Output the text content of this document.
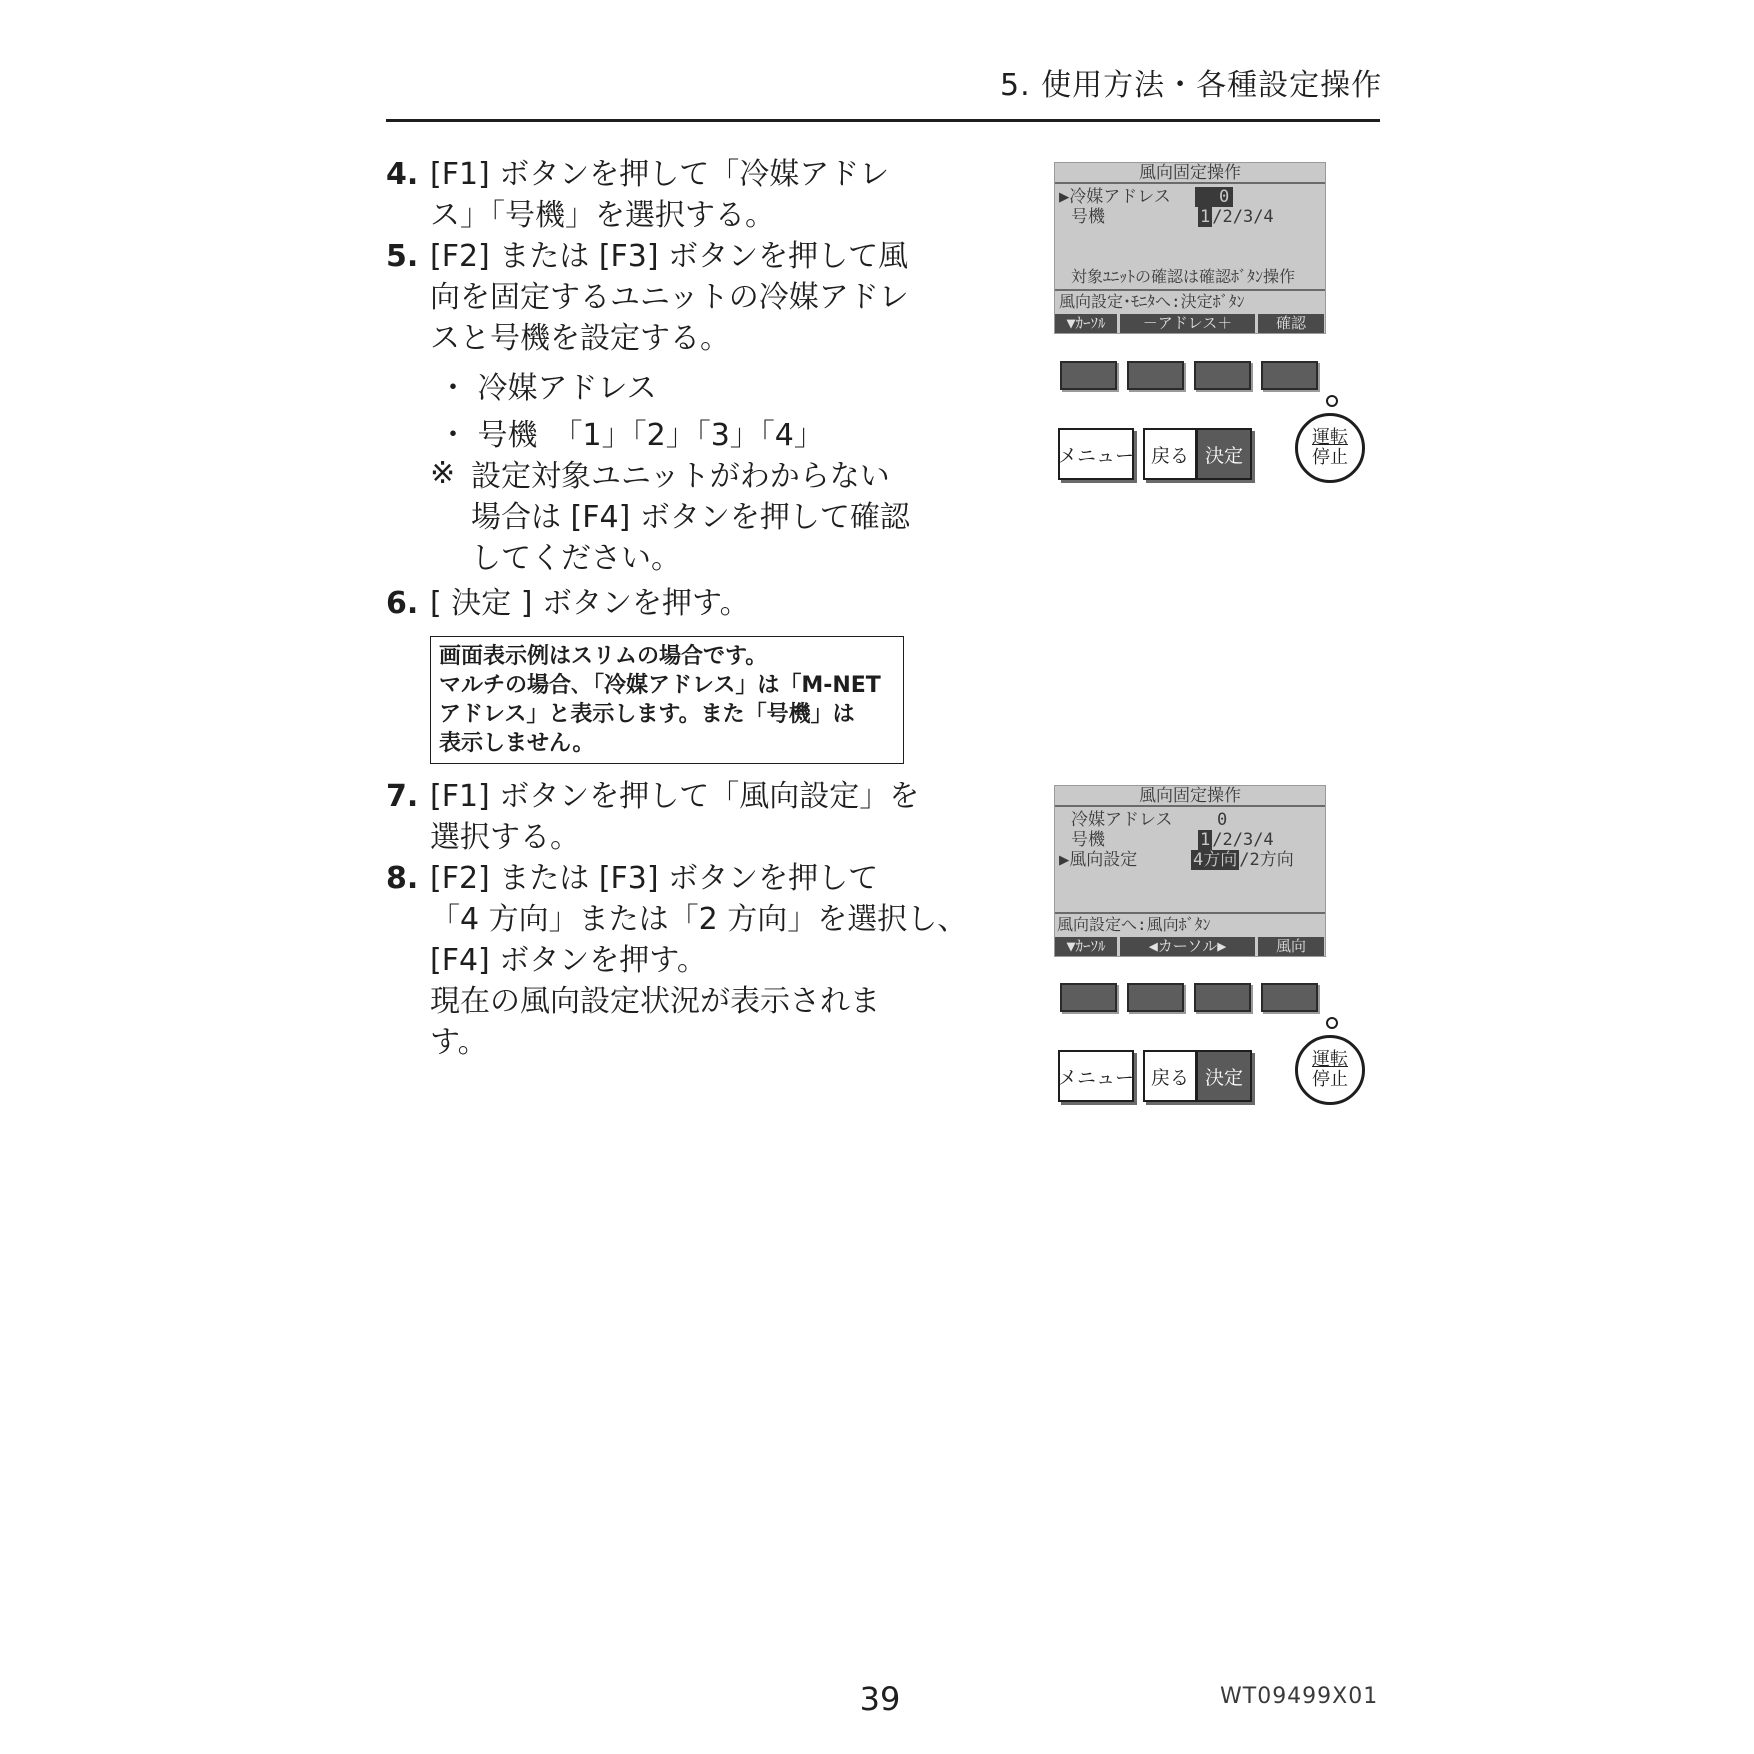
5. 使用方法・各種設定操作
4. [F1] ボタンを押して「冷媒アドレ
ス」「号機」を選択する。
5. [F2] または [F3] ボタンを押して風
向を固定するユニットの冷媒アドレ
スと号機を設定する。
・ 冷媒アドレス
・ 号機　「1」「2」「3」「4」
※ 設定対象ユニットがわからない
場合は [F4] ボタンを押して確認
してください。
6. [ 決定 ] ボタンを押す。
画面表示例はスリムの場合です。
マルチの場合､「冷媒アドレス」は「M-NET
アドレス」と表示します。また「号機」は
表示しません。
7. [F1] ボタンを押して「風向設定」を
選択する。
8. [F2] または [F3] ボタンを押して
「4 方向」または「2 方向」を選択し、
[F4] ボタンを押す。
現在の風向設定状況が表示されま
す。
風向固定操作
▶冷媒アドレス	0
号機	1 /2/3/4
対象ﾕﾆｯﾄの確認は確認ﾎﾞﾀﾝ操作
風向設定･ﾓﾆﾀへ:決定ﾎﾞﾀﾝ
▼ｶｰｿﾙ	－アドレス＋	確認
メニュー 戻る 決定
運転
停止
風向固定操作
冷媒アドレス	0
号機	1 /2/3/4
▶風向設定	4方向 /2方向
風向設定へ:風向ﾎﾞﾀﾝ
▼ｶｰｿﾙ	◀カーソル▶	風向
メニュー 戻る 決定
運転
停止
39	WT09499X01
